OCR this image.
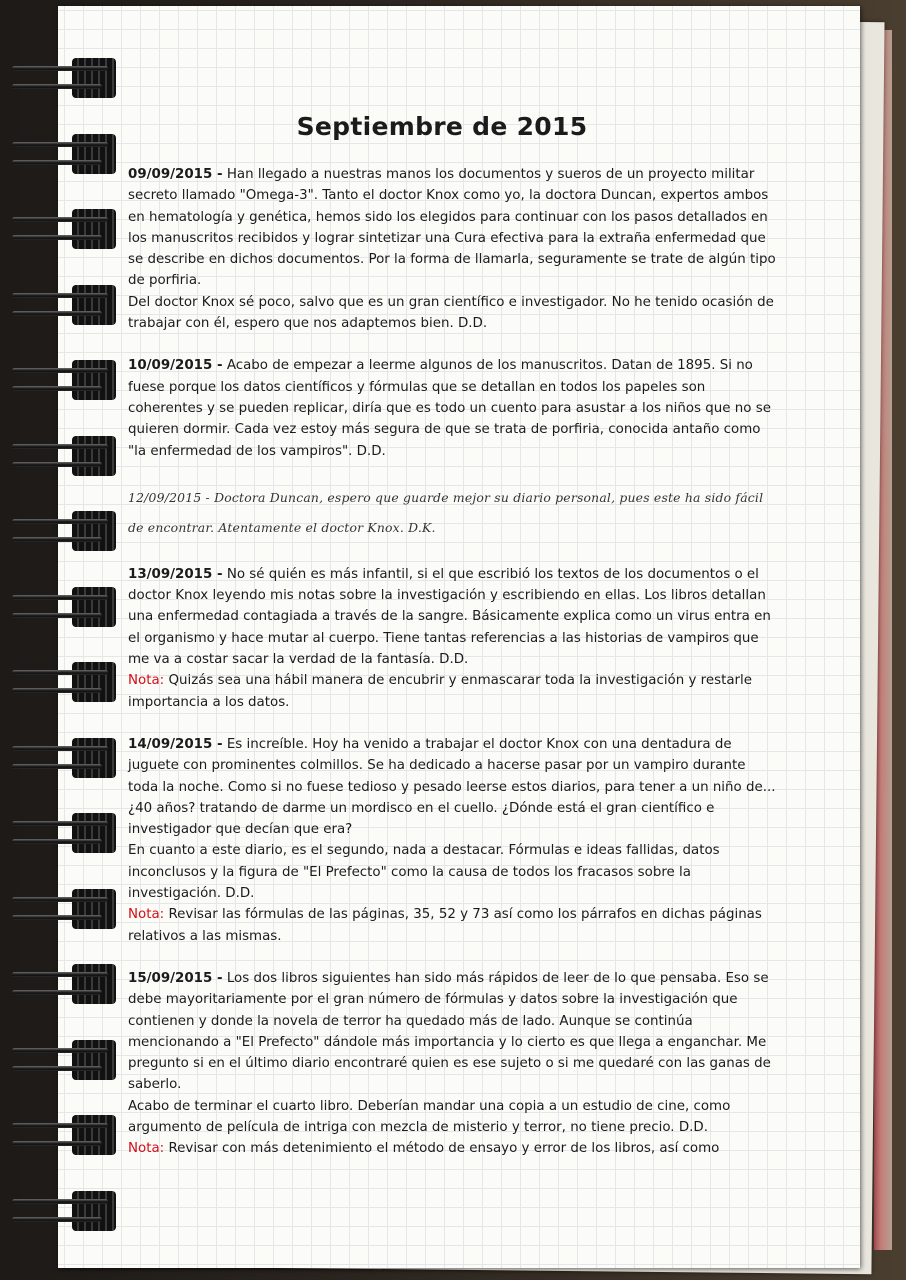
Septiembre de 2015

09/09/2015 - Han llegado a nuestras manos los documentos y sueros de un proyecto militar secreto llamado "Omega-3". Tanto el doctor Knox como yo, la doctora Duncan, expertos ambos en hematología y genética, hemos sido los elegidos para continuar con los pasos detallados en los manuscritos recibidos y lograr sintetizar una Cura efectiva para la extraña enfermedad que se describe en dichos documentos. Por la forma de llamarla, seguramente se trate de algún tipo de porfiria.

Del doctor Knox sé poco, salvo que es un gran científico e investigador. No he tenido ocasión de trabajar con él, espero que nos adaptemos bien. D.D.

10/09/2015 - Acabo de empezar a leerme algunos de los manuscritos. Datan de 1895. Si no fuese porque los datos científicos y fórmulas que se detallan en todos los papeles son coherentes y se pueden replicar, diría que es todo un cuento para asustar a los niños que no se quieren dormir. Cada vez estoy más segura de que se trata de porfiria, conocida antaño como "la enfermedad de los vampiros". D.D.

12/09/2015 - Doctora Duncan, espero que guarde mejor su diario personal, pues este ha sido fácil de encontrar. Atentamente el doctor Knox. D.K.

13/09/2015 - No sé quién es más infantil, si el que escribió los textos de los documentos o el doctor Knox leyendo mis notas sobre la investigación y escribiendo en ellas. Los libros detallan una enfermedad contagiada a través de la sangre. Básicamente explica como un virus entra en el organismo y hace mutar al cuerpo. Tiene tantas referencias a las historias de vampiros que me va a costar sacar la verdad de la fantasía. D.D.

Nota: Quizás sea una hábil manera de encubrir y enmascarar toda la investigación y restarle importancia a los datos.

14/09/2015 - Es increíble. Hoy ha venido a trabajar el doctor Knox con una dentadura de juguete con prominentes colmillos. Se ha dedicado a hacerse pasar por un vampiro durante toda la noche. Como si no fuese tedioso y pesado leerse estos diarios, para tener a un niño de... ¿40 años? tratando de darme un mordisco en el cuello. ¿Dónde está el gran científico e investigador que decían que era?

En cuanto a este diario, es el segundo, nada a destacar. Fórmulas e ideas fallidas, datos inconclusos y la figura de "El Prefecto" como la causa de todos los fracasos sobre la investigación. D.D.

Nota: Revisar las fórmulas de las páginas, 35, 52 y 73 así como los párrafos en dichas páginas relativos a las mismas.

15/09/2015 - Los dos libros siguientes han sido más rápidos de leer de lo que pensaba. Eso se debe mayoritariamente por el gran número de fórmulas y datos sobre la investigación que contienen y donde la novela de terror ha quedado más de lado. Aunque se continúa mencionando a "El Prefecto" dándole más importancia y lo cierto es que llega a enganchar. Me pregunto si en el último diario encontraré quien es ese sujeto o si me quedaré con las ganas de saberlo.

Acabo de terminar el cuarto libro. Deberían mandar una copia a un estudio de cine, como argumento de película de intriga con mezcla de misterio y terror, no tiene precio. D.D.

Nota: Revisar con más detenimiento el método de ensayo y error de los libros, así como
